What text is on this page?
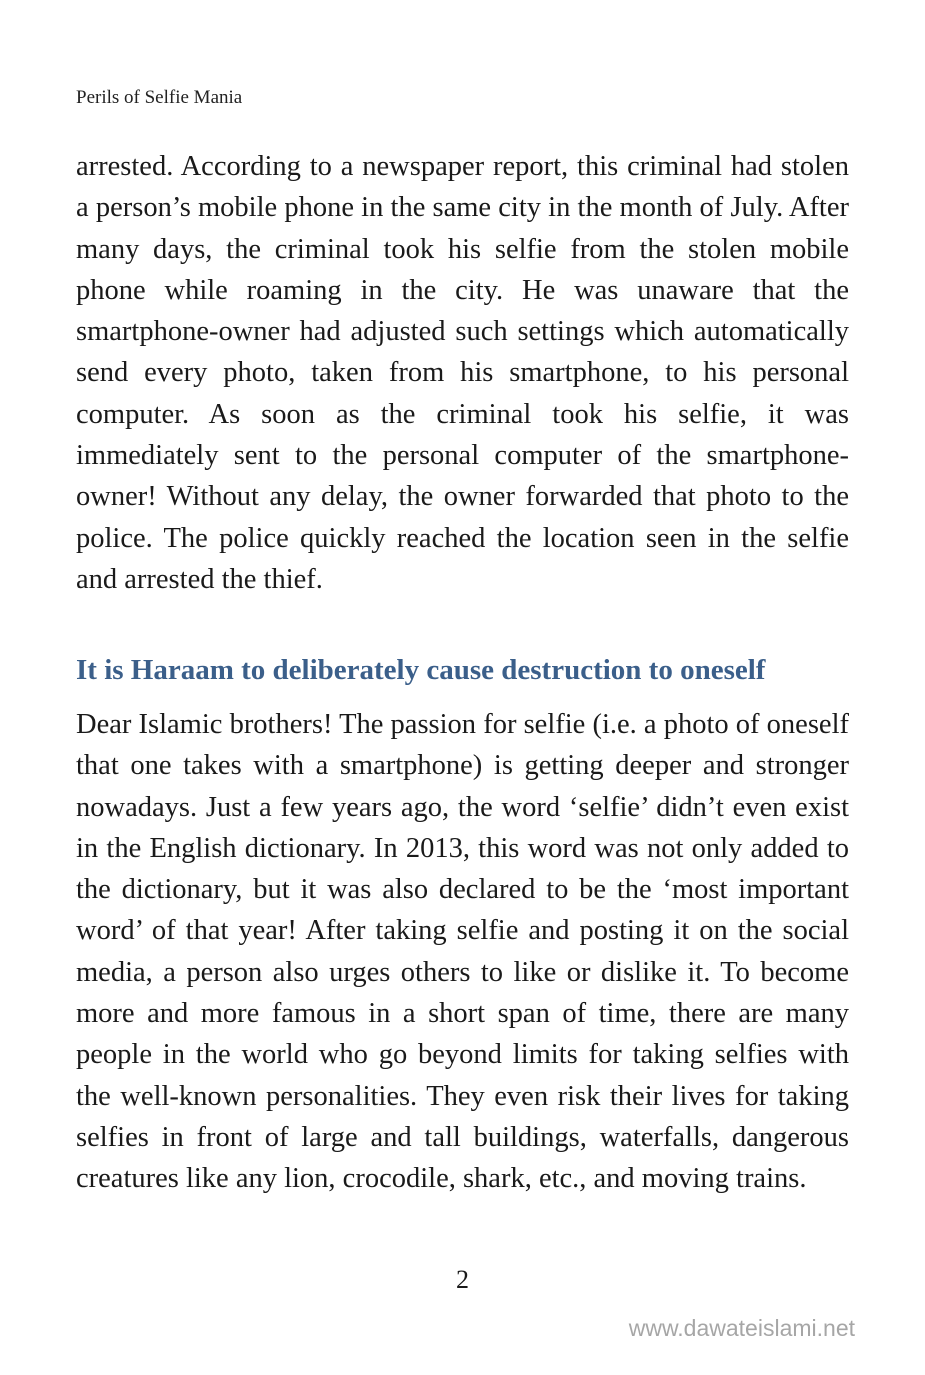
Perils of Selfie Mania

arrested. According to a newspaper report, this criminal had stolen a person’s mobile phone in the same city in the month of July. After many days, the criminal took his selfie from the stolen mobile phone while roaming in the city. He was unaware that the smartphone-owner had adjusted such settings which automatically send every photo, taken from his smartphone, to his personal computer. As soon as the criminal took his selfie, it was immediately sent to the personal computer of the smartphone-owner! Without any delay, the owner forwarded that photo to the police. The police quickly reached the location seen in the selfie and arrested the thief.

It is Haraam to deliberately cause destruction to oneself

Dear Islamic brothers! The passion for selfie (i.e. a photo of oneself that one takes with a smartphone) is getting deeper and stronger nowadays. Just a few years ago, the word ‘selfie’ didn’t even exist in the English dictionary. In 2013, this word was not only added to the dictionary, but it was also declared to be the ‘most important word’ of that year! After taking selfie and posting it on the social media, a person also urges others to like or dislike it. To become more and more famous in a short span of time, there are many people in the world who go beyond limits for taking selfies with the well-known personalities. They even risk their lives for taking selfies in front of large and tall buildings, waterfalls, dangerous creatures like any lion, crocodile, shark, etc., and moving trains.

2
www.dawateislami.net
